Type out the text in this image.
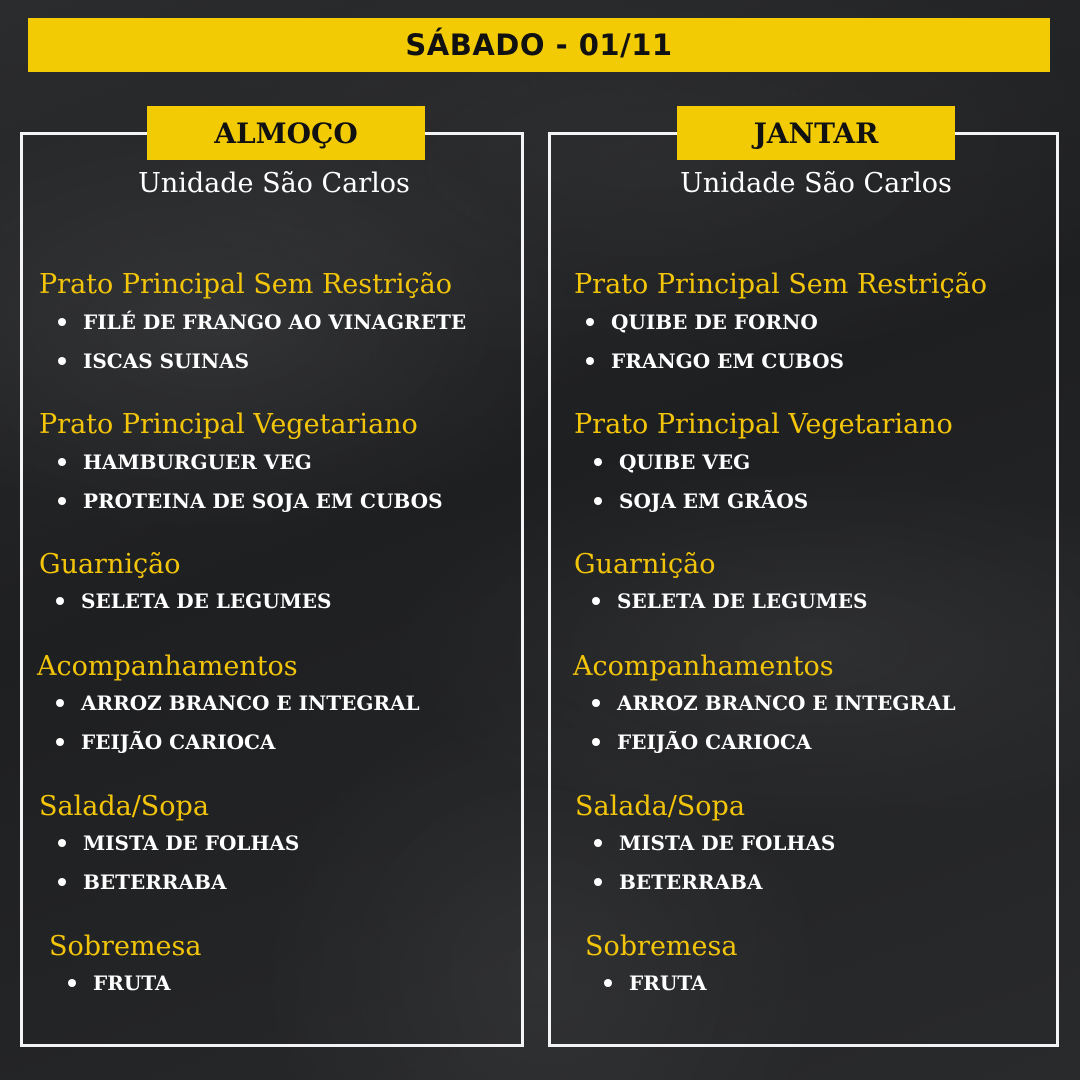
SÁBADO - 01/11
ALMOÇO	JANTAR
Unidade São Carlos	Unidade São Carlos
Prato Principal Sem Restrição
FILÉ DE FRANGO AO VINAGRETE
ISCAS SUINAS
Prato Principal Vegetariano
HAMBURGUER VEG
PROTEINA DE SOJA EM CUBOS
Guarnição
SELETA DE LEGUMES
Acompanhamentos
ARROZ BRANCO E INTEGRAL
FEIJÃO CARIOCA
Salada/Sopa
MISTA DE FOLHAS
BETERRABA
Sobremesa
FRUTA
Prato Principal Sem Restrição
QUIBE DE FORNO
FRANGO EM CUBOS
Prato Principal Vegetariano
QUIBE VEG
SOJA EM GRÃOS
Guarnição
SELETA DE LEGUMES
Acompanhamentos
ARROZ BRANCO E INTEGRAL
FEIJÃO CARIOCA
Salada/Sopa
MISTA DE FOLHAS
BETERRABA
Sobremesa
FRUTA
